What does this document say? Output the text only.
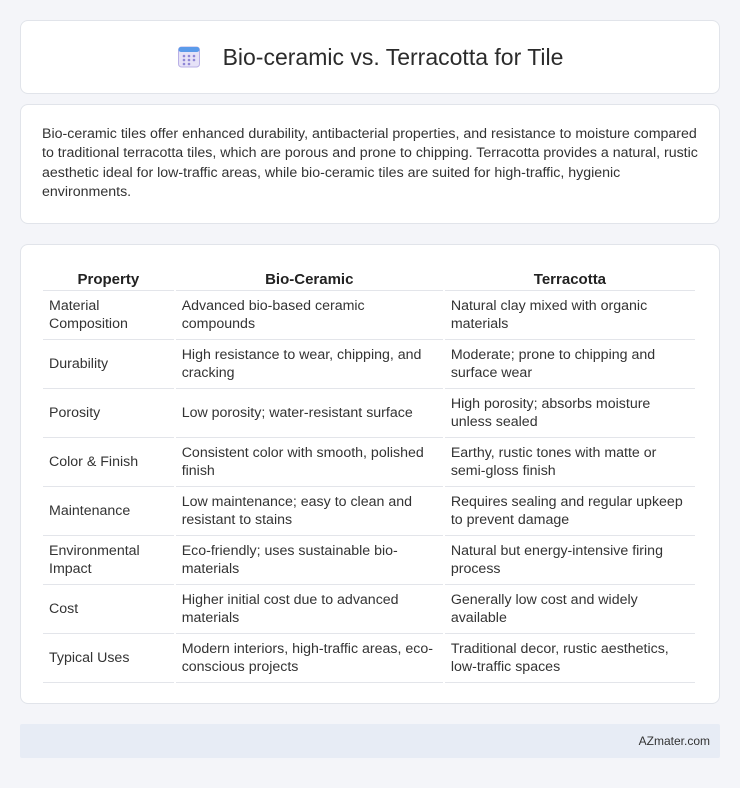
Bio-ceramic vs. Terracotta for Tile

Bio-ceramic tiles offer enhanced durability, antibacterial properties, and resistance to moisture compared to traditional terracotta tiles, which are porous and prone to chipping. Terracotta provides a natural, rustic aesthetic ideal for low-traffic areas, while bio-ceramic tiles are suited for high-traffic, hygienic environments.

Property	Bio-Ceramic	Terracotta
Material Composition	Advanced bio-based ceramic compounds	Natural clay mixed with organic materials
Durability	High resistance to wear, chipping, and cracking	Moderate; prone to chipping and surface wear
Porosity	Low porosity; water-resistant surface	High porosity; absorbs moisture unless sealed
Color & Finish	Consistent color with smooth, polished finish	Earthy, rustic tones with matte or semi-gloss finish
Maintenance	Low maintenance; easy to clean and resistant to stains	Requires sealing and regular upkeep to prevent damage
Environmental Impact	Eco-friendly; uses sustainable bio-materials	Natural but energy-intensive firing process
Cost	Higher initial cost due to advanced materials	Generally low cost and widely available
Typical Uses	Modern interiors, high-traffic areas, eco-conscious projects	Traditional decor, rustic aesthetics, low-traffic spaces
AZmater.com
